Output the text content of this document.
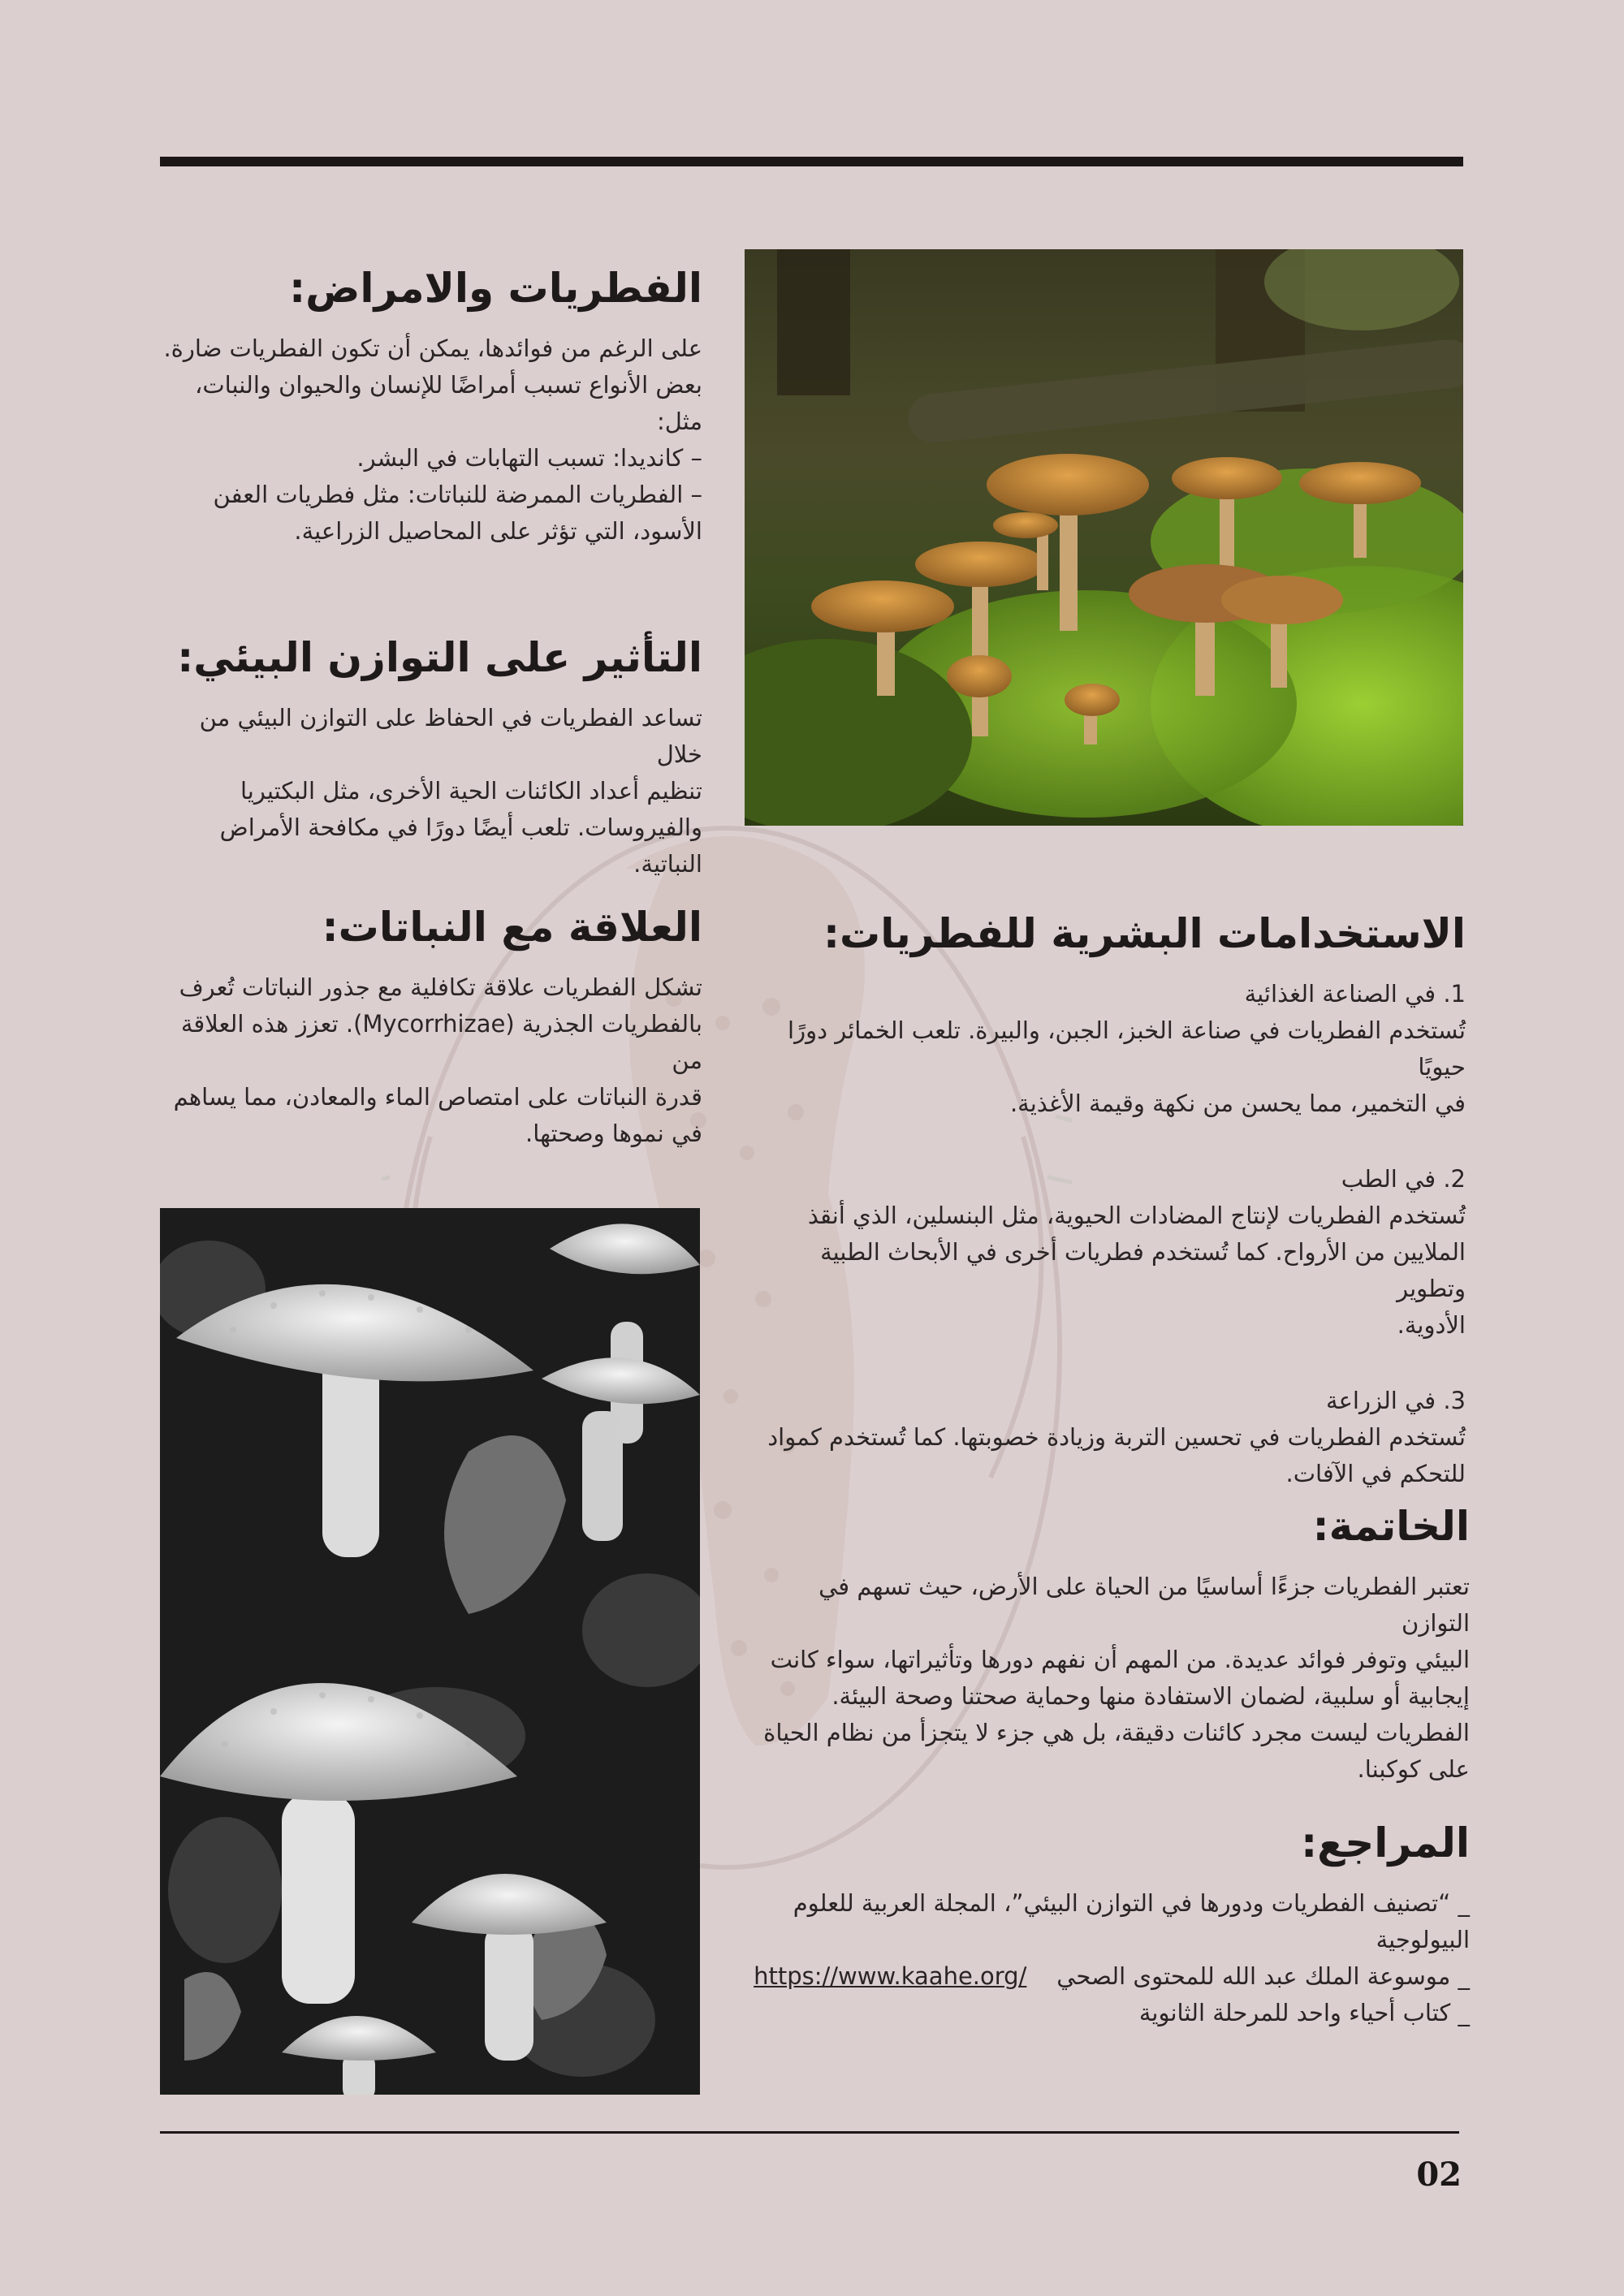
الفطريات والامراض:

على الرغم من فوائدها، يمكن أن تكون الفطريات ضارة.
بعض الأنواع تسبب أمراضًا للإنسان والحيوان والنبات،
مثل:
– كانديدا: تسبب التهابات في البشر.
– الفطريات الممرضة للنباتات: مثل فطريات العفن
الأسود، التي تؤثر على المحاصيل الزراعية.

التأثير على التوازن البيئي:

تساعد الفطريات في الحفاظ على التوازن البيئي من خلال
تنظيم أعداد الكائنات الحية الأخرى، مثل البكتيريا
والفيروسات. تلعب أيضًا دورًا في مكافحة الأمراض
النباتية.

العلاقة مع النباتات:

تشكل الفطريات علاقة تكافلية مع جذور النباتات تُعرف
بالفطريات الجذرية (Mycorrhizae). تعزز هذه العلاقة من
قدرة النباتات على امتصاص الماء والمعادن، مما يساهم
في نموها وصحتها.

الاستخدامات البشرية للفطريات:

1. في الصناعة الغذائية
تُستخدم الفطريات في صناعة الخبز، الجبن، والبيرة. تلعب الخمائر دورًا حيويًا
في التخمير، مما يحسن من نكهة وقيمة الأغذية.

2. في الطب
تُستخدم الفطريات لإنتاج المضادات الحيوية، مثل البنسلين، الذي أنقذ
الملايين من الأرواح. كما تُستخدم فطريات أخرى في الأبحاث الطبية وتطوير
الأدوية.

3. في الزراعة
تُستخدم الفطريات في تحسين التربة وزيادة خصوبتها. كما تُستخدم كمواد
للتحكم في الآفات.

الخاتمة:

تعتبر الفطريات جزءًا أساسيًا من الحياة على الأرض، حيث تسهم في التوازن
البيئي وتوفر فوائد عديدة. من المهم أن نفهم دورها وتأثيراتها، سواء كانت
إيجابية أو سلبية، لضمان الاستفادة منها وحماية صحتنا وصحة البيئة.
الفطريات ليست مجرد كائنات دقيقة، بل هي جزء لا يتجزأ من نظام الحياة
على كوكبنا.

المراجع:

_ “تصنيف الفطريات ودورها في التوازن البيئي”، المجلة العربية للعلوم
البيولوجية

_ موسوعة الملك عبد الله للمحتوى الصحي    https://www.kaahe.org/

_ كتاب أحياء واحد للمرحلة الثانوية

02
